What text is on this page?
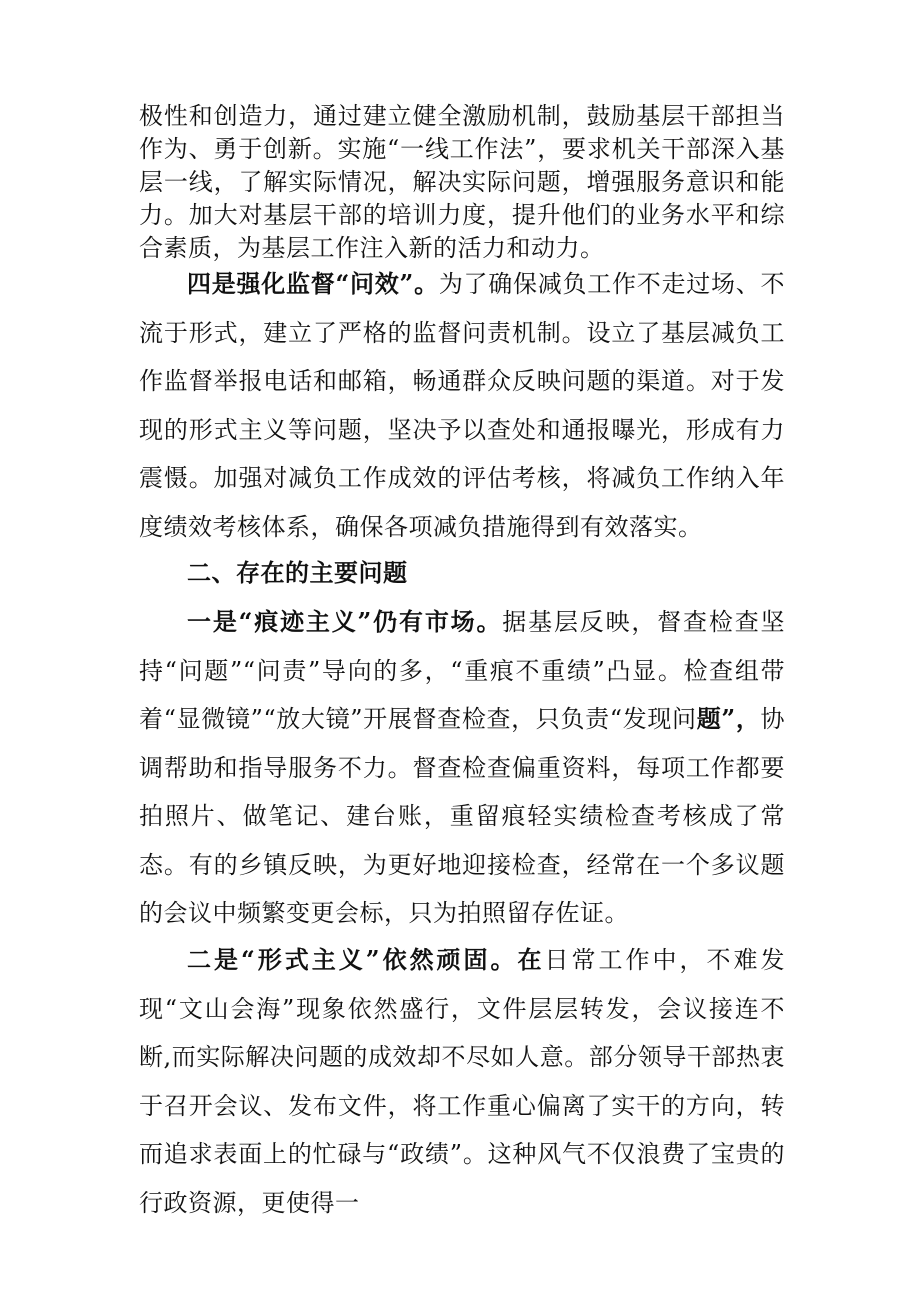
极性和创造力，通过建立健全激励机制，鼓励基层干部担当作为、勇于创新。实施“一线工作法”，要求机关干部深入基层一线，了解实际情况，解决实际问题，增强服务意识和能力。加大对基层干部的培训力度，提升他们的业务水平和综合素质，为基层工作注入新的活力和动力。

四是强化监督“问效”。为了确保减负工作不走过场、不流于形式，建立了严格的监督问责机制。设立了基层减负工作监督举报电话和邮箱，畅通群众反映问题的渠道。对于发现的形式主义等问题，坚决予以查处和通报曝光，形成有力震慑。加强对减负工作成效的评估考核，将减负工作纳入年度绩效考核体系，确保各项减负措施得到有效落实。

二、存在的主要问题

一是“痕迹主义”仍有市场。据基层反映，督查检查坚持“问题”“问责”导向的多，“重痕不重绩”凸显。检查组带着“显微镜”“放大镜”开展督查检查，只负责“发现问题”，协调帮助和指导服务不力。督查检查偏重资料，每项工作都要拍照片、做笔记、建台账，重留痕轻实绩检查考核成了常态。有的乡镇反映，为更好地迎接检查，经常在一个多议题的会议中频繁变更会标，只为拍照留存佐证。

二是“形式主义”依然顽固。在日常工作中，不难发现“文山会海”现象依然盛行，文件层层转发，会议接连不断,而实际解决问题的成效却不尽如人意。部分领导干部热衷于召开会议、发布文件，将工作重心偏离了实干的方向，转而追求表面上的忙碌与“政绩”。这种风气不仅浪费了宝贵的行政资源，更使得一
